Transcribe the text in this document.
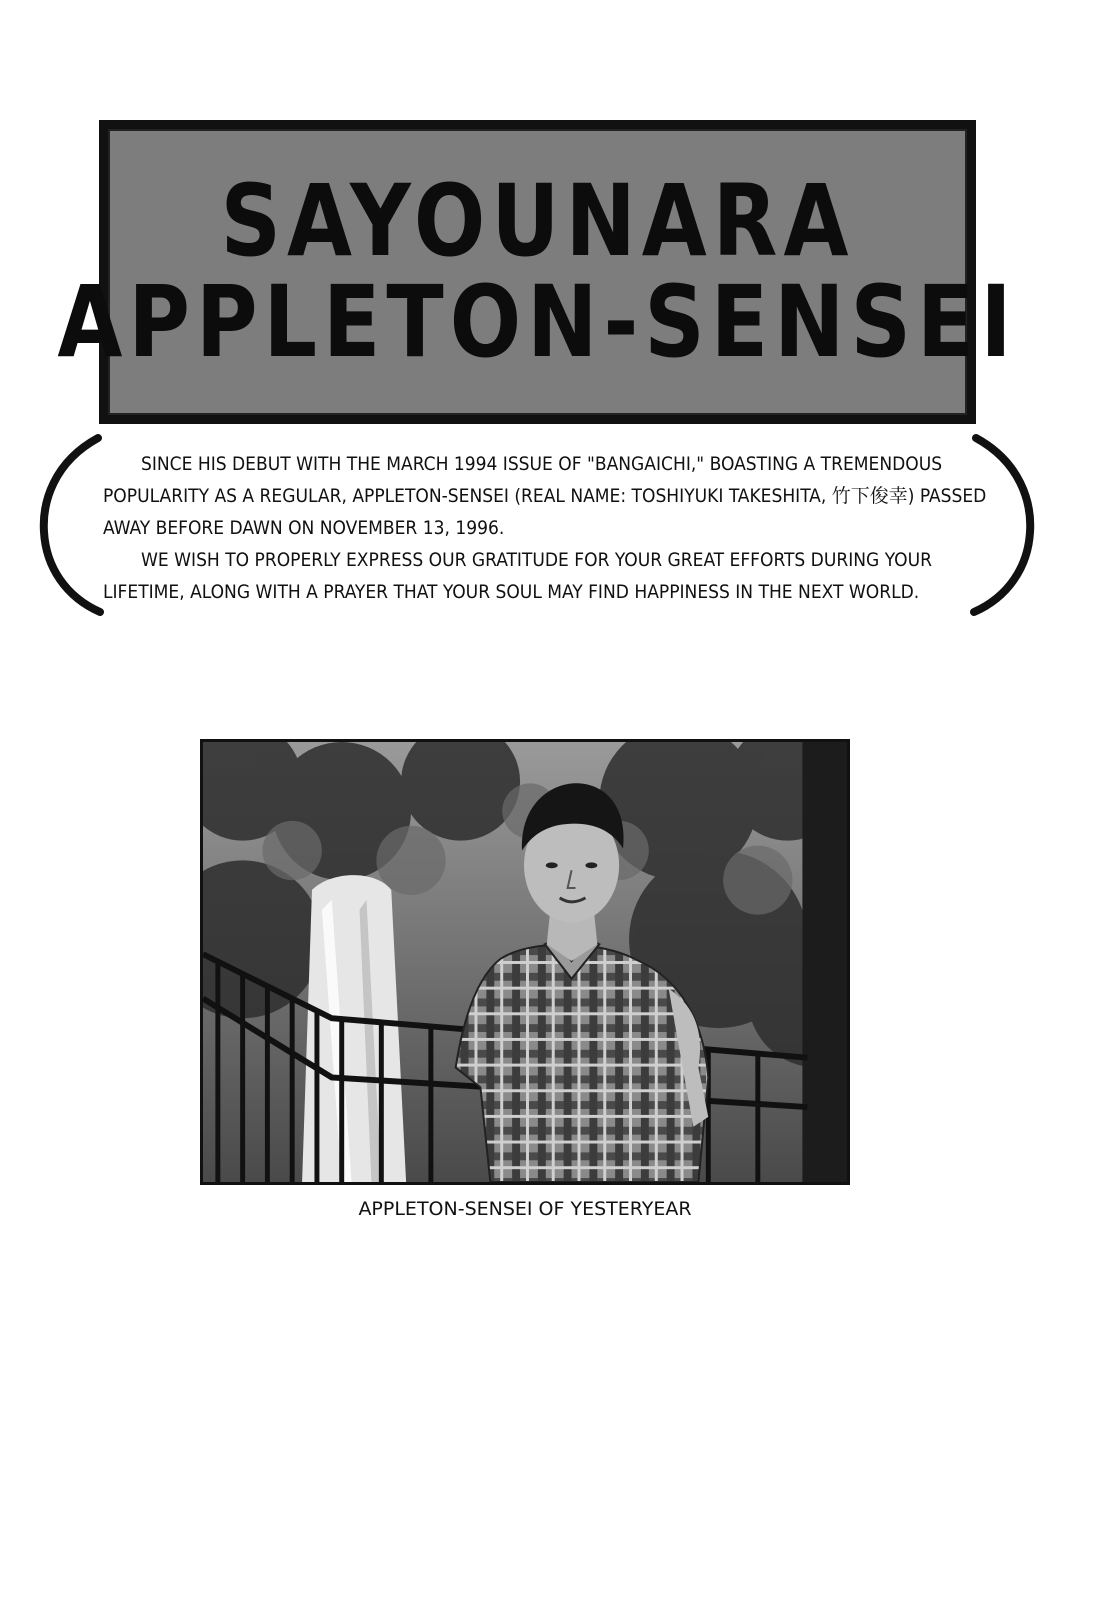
SAYOUNARA
APPLETON-SENSEI

SINCE HIS DEBUT WITH THE MARCH 1994 ISSUE OF "BANGAICHI," BOASTING A TREMENDOUS POPULARITY AS A REGULAR, APPLETON-SENSEI (REAL NAME: TOSHIYUKI TAKESHITA, 竹下俊幸) PASSED AWAY BEFORE DAWN ON NOVEMBER 13, 1996.

WE WISH TO PROPERLY EXPRESS OUR GRATITUDE FOR YOUR GREAT EFFORTS DURING YOUR LIFETIME, ALONG WITH A PRAYER THAT YOUR SOUL MAY FIND HAPPINESS IN THE NEXT WORLD.

APPLETON-SENSEI OF YESTERYEAR
